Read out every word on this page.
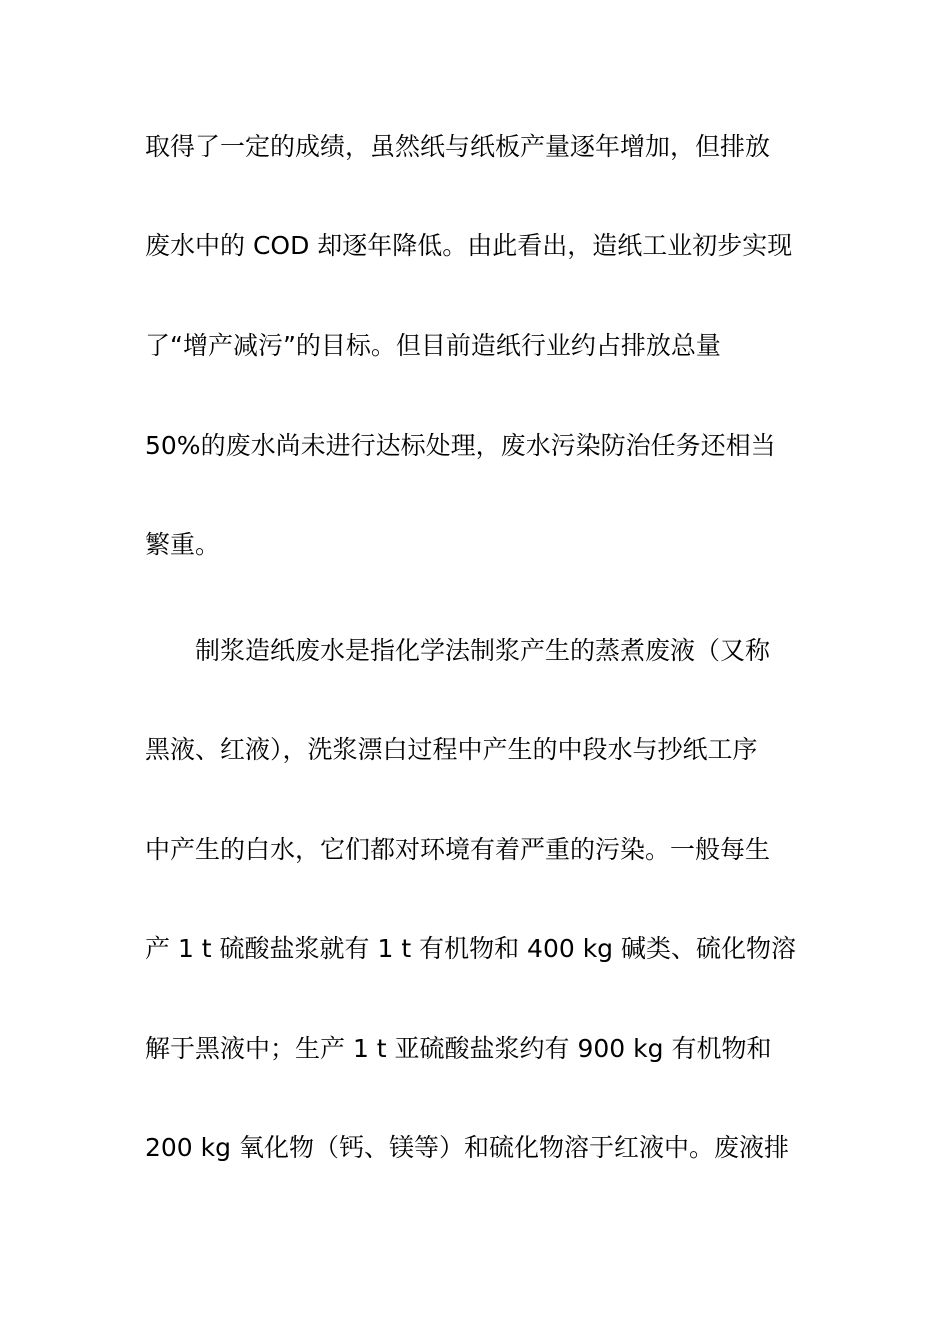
取得了一定的成绩，虽然纸与纸板产量逐年增加，但排放
废水中的 COD 却逐年降低。由此看出，造纸工业初步实现
了“增产减污”的目标。但目前造纸行业约占排放总量
50%的废水尚未进行达标处理，废水污染防治任务还相当
繁重。
制浆造纸废水是指化学法制浆产生的蒸煮废液（又称
黑液、红液），洗浆漂白过程中产生的中段水与抄纸工序
中产生的白水，它们都对环境有着严重的污染。一般每生
产 1 t 硫酸盐浆就有 1 t 有机物和 400 kg 碱类、硫化物溶
解于黑液中；生产 1 t 亚硫酸盐浆约有 900 kg 有机物和
200 kg 氧化物（钙、镁等）和硫化物溶于红液中。废液排
